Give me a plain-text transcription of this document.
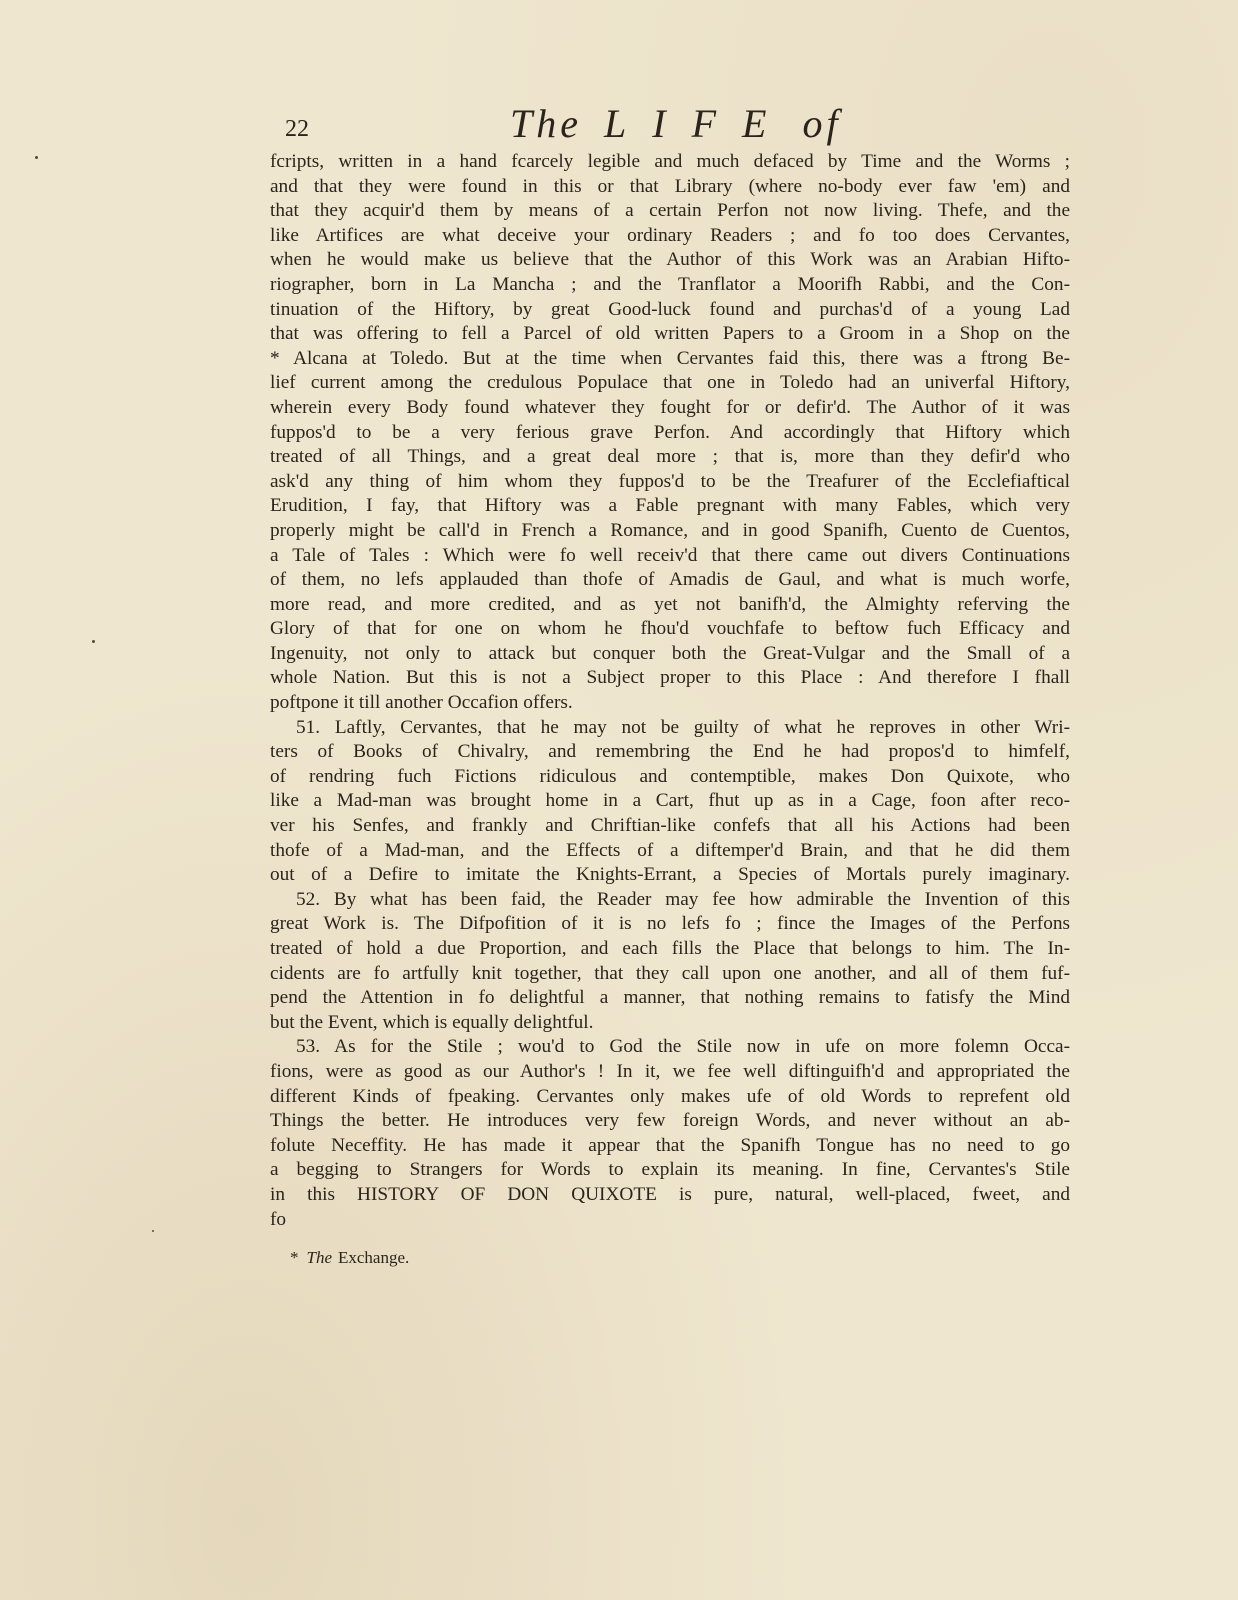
22	The LIFE of
fcripts, written in a hand fcarcely legible and much defaced by Time and the Worms ;
and that they were found in this or that Library (where no-body ever faw 'em) and
that they acquir'd them by means of a certain Perfon not now living. Thefe, and the
like Artifices are what deceive your ordinary Readers ; and fo too does Cervantes,
when he would make us believe that the Author of this Work was an Arabian Hifto-
riographer, born in La Mancha ; and the Tranflator a Moorifh Rabbi, and the Con-
tinuation of the Hiftory, by great Good-luck found and purchas'd of a young Lad
that was offering to fell a Parcel of old written Papers to a Groom in a Shop on the
* Alcana at Toledo. But at the time when Cervantes faid this, there was a ftrong Be-
lief current among the credulous Populace that one in Toledo had an univerfal Hiftory,
wherein every Body found whatever they fought for or defir'd. The Author of it was
fuppos'd to be a very ferious grave Perfon. And accordingly that Hiftory which
treated of all Things, and a great deal more ; that is, more than they defir'd who
ask'd any thing of him whom they fuppos'd to be the Treafurer of the Ecclefiaftical
Erudition, I fay, that Hiftory was a Fable pregnant with many Fables, which very
properly might be call'd in French a Romance, and in good Spanifh, Cuento de Cuentos,
a Tale of Tales : Which were fo well receiv'd that there came out divers Continuations
of them, no lefs applauded than thofe of Amadis de Gaul, and what is much worfe,
more read, and more credited, and as yet not banifh'd, the Almighty referving the
Glory of that for one on whom he fhou'd vouchfafe to beftow fuch Efficacy and
Ingenuity, not only to attack but conquer both the Great-Vulgar and the Small of a
whole Nation. But this is not a Subject proper to this Place : And therefore I fhall
poftpone it till another Occafion offers.
51. Laftly, Cervantes, that he may not be guilty of what he reproves in other Wri-
ters of Books of Chivalry, and remembring the End he had propos'd to himfelf,
of rendring fuch Fictions ridiculous and contemptible, makes Don Quixote, who
like a Mad-man was brought home in a Cart, fhut up as in a Cage, foon after reco-
ver his Senfes, and frankly and Chriftian-like confefs that all his Actions had been
thofe of a Mad-man, and the Effects of a diftemper'd Brain, and that he did them
out of a Defire to imitate the Knights-Errant, a Species of Mortals purely imaginary.
52. By what has been faid, the Reader may fee how admirable the Invention of this
great Work is. The Difpofition of it is no lefs fo ; fince the Images of the Perfons
treated of hold a due Proportion, and each fills the Place that belongs to him. The In-
cidents are fo artfully knit together, that they call upon one another, and all of them fuf-
pend the Attention in fo delightful a manner, that nothing remains to fatisfy the Mind
but the Event, which is equally delightful.
53. As for the Stile ; wou'd to God the Stile now in ufe on more folemn Occa-
fions, were as good as our Author's ! In it, we fee well diftinguifh'd and appropriated the
different Kinds of fpeaking. Cervantes only makes ufe of old Words to reprefent old
Things the better. He introduces very few foreign Words, and never without an ab-
folute Neceffity. He has made it appear that the Spanifh Tongue has no need to go
a begging to Strangers for Words to explain its meaning. In fine, Cervantes's Stile
in this HISTORY OF DON QUIXOTE is pure, natural, well-placed, fweet, and
fo
* The Exchange.
